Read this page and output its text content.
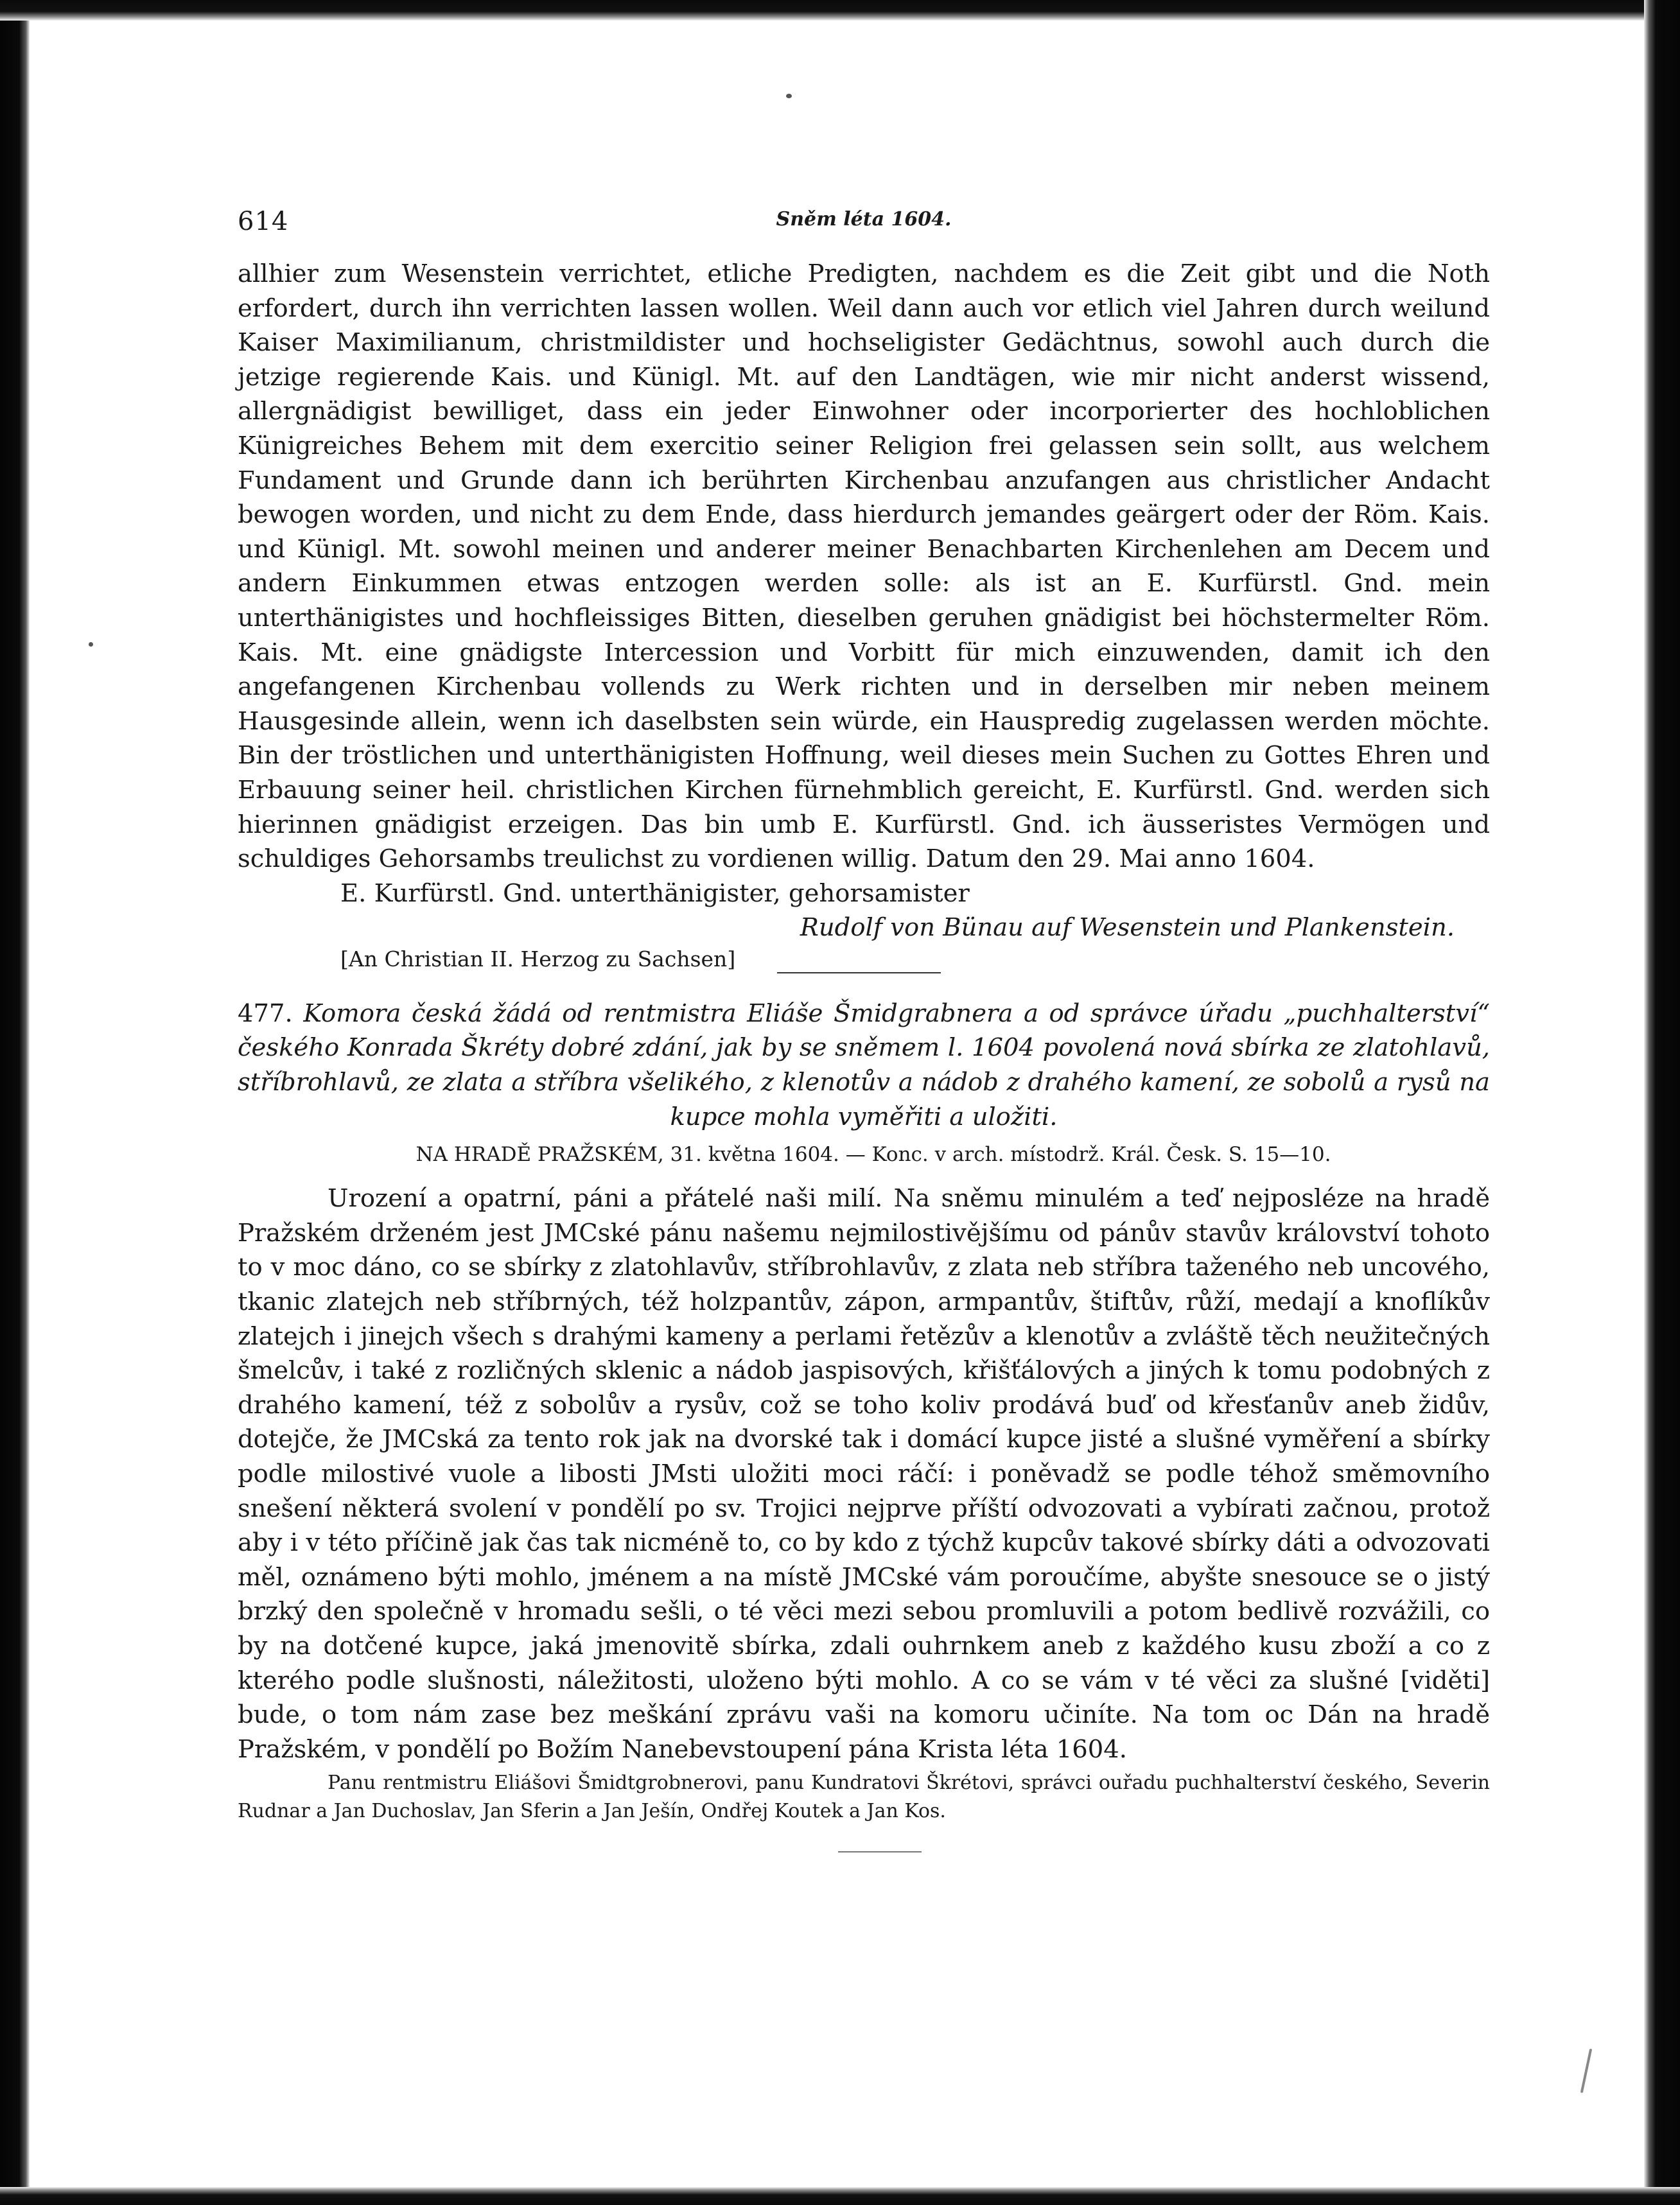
614	Sněm léta 1604.

allhier zum Wesenstein verrichtet, etliche Predigten, nachdem es die Zeit gibt und die Noth erfordert, durch ihn verrichten lassen wollen. Weil dann auch vor etlich viel Jahren durch weilund Kaiser Maximilianum, christmildister und hochseligister Gedächtnus, sowohl auch durch die jetzige regierende Kais. und Künigl. Mt. auf den Landtägen, wie mir nicht anderst wissend, allergnädigist bewilliget, dass ein jeder Einwohner oder incorporierter des hochloblichen Künigreiches Behem mit dem exercitio seiner Religion frei gelassen sein sollt, aus welchem Fundament und Grunde dann ich berührten Kirchenbau anzufangen aus christlicher Andacht bewogen worden, und nicht zu dem Ende, dass hierdurch jemandes geärgert oder der Röm. Kais. und Künigl. Mt. sowohl meinen und anderer meiner Benachbarten Kirchenlehen am Decem und andern Einkummen etwas entzogen werden solle: als ist an E. Kurfürstl. Gnd. mein unterthänigistes und hochfleissiges Bitten, dieselben geruhen gnädigist bei höchstermelter Röm. Kais. Mt. eine gnädigste Intercession und Vorbitt für mich einzuwenden, damit ich den angefangenen Kirchenbau vollends zu Werk richten und in derselben mir neben meinem Hausgesinde allein, wenn ich daselbsten sein würde, ein Hauspredig zugelassen werden möchte. Bin der tröstlichen und unterthänigisten Hoffnung, weil dieses mein Suchen zu Gottes Ehren und Erbauung seiner heil. christlichen Kirchen fürnehmblich gereicht, E. Kurfürstl. Gnd. werden sich hierinnen gnädigist erzeigen. Das bin umb E. Kurfürstl. Gnd. ich äusseristes Vermögen und schuldiges Gehorsambs treulichst zu vordienen willig. Datum den 29. Mai anno 1604.

E. Kurfürstl. Gnd. unterthänigister, gehorsamister
Rudolf von Bünau auf Wesenstein und Plankenstein.
[An Christian II. Herzog zu Sachsen]
477. Komora česká žádá od rentmistra Eliáše Šmidgrabnera a od správce úřadu „puchhalterství“ českého Konrada Škréty dobré zdání, jak by se sněmem l. 1604 povolená nová sbírka ze zlatohlavů, stříbrohlavů, ze zlata a stříbra všelikého, z klenotův a nádob z drahého kamení, ze sobolů a rysů na kupce mohla vyměřiti a uložiti.
NA HRADĚ PRAŽSKÉM, 31. května 1604. — Konc. v arch. místodrž. Král. Česk. S. 15—10.

Urození a opatrní, páni a přátelé naši milí. Na sněmu minulém a teď nejposléze na hradě Pražském drženém jest JMCské pánu našemu nejmilostivějšímu od pánův stavův království tohoto to v moc dáno, co se sbírky z zlatohlavův, stříbrohlavův, z zlata neb stříbra taženého neb uncového, tkanic zlatejch neb stříbrných, též holzpantův, zápon, armpantův, štiftův, růží, medají a knoflíkův zlatejch i jinejch všech s drahými kameny a perlami řetězův a klenotův a zvláště těch neužitečných šmelcův, i také z rozličných sklenic a nádob jaspisových, křišťálových a jiných k tomu podobných z drahého kamení, též z sobolův a rysův, což se toho koliv prodává buď od křesťanův aneb židův, dotejče, že JMCská za tento rok jak na dvorské tak i domácí kupce jisté a slušné vyměření a sbírky podle milostivé vuole a libosti JMsti uložiti moci ráčí: i poněvadž se podle téhož směmovního snešení některá svolení v pondělí po sv. Trojici nejprve příští odvozovati a vybírati začnou, protož aby i v této příčině jak čas tak nicméně to, co by kdo z týchž kupcův takové sbírky dáti a odvozovati měl, oznámeno býti mohlo, jménem a na místě JMCské vám poroučíme, abyšte snesouce se o jistý brzký den společně v hromadu sešli, o té věci mezi sebou promluvili a potom bedlivě rozvážili, co by na dotčené kupce, jaká jmenovitě sbírka, zdali ouhrnkem aneb z každého kusu zboží a co z kterého podle slušnosti, náležitosti, uloženo býti mohlo. A co se vám v té věci za slušné [viděti] bude, o tom nám zase bez meškání zprávu vaši na komoru učiníte. Na tom oc Dán na hradě Pražském, v pondělí po Božím Nanebevstoupení pána Krista léta 1604.

Panu rentmistru Eliášovi Šmidtgrobnerovi, panu Kundratovi Škrétovi, správci ouřadu puchhalterství českého, Severin Rudnar a Jan Duchoslav, Jan Sferin a Jan Ješín, Ondřej Koutek a Jan Kos.
